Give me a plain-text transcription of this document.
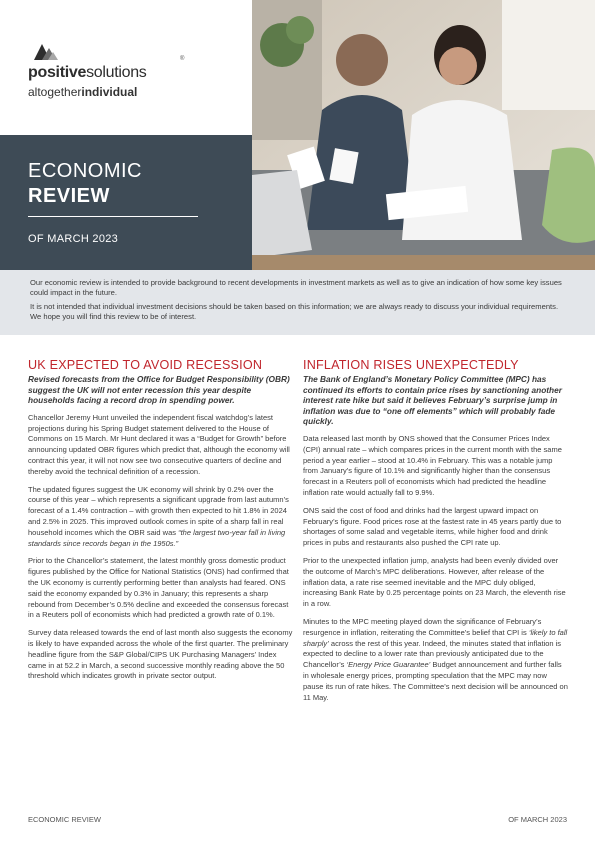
positivesolutions
®
altogetherindividual
ECONOMIC
REVIEW
OF MARCH 2023

Our economic review is intended to provide background to recent developments in investment markets as well as to give an indication of how some key issues could impact in the future.

It is not intended that individual investment decisions should be taken based on this information; we are always ready to discuss your individual requirements. We hope you will find this review to be of interest.

UK EXPECTED TO AVOID RECESSION

Revised forecasts from the Office for Budget Responsibility (OBR) suggest the UK will not enter recession this year despite households facing a record drop in spending power.

Chancellor Jeremy Hunt unveiled the independent fiscal watchdog’s latest projections during his Spring Budget statement delivered to the House of Commons on 15 March. Mr Hunt declared it was a “Budget for Growth” before announcing updated OBR figures which predict that, although the economy will contract this year, it will not now see two consecutive quarters of decline and thereby avoid the technical definition of a recession.

The updated figures suggest the UK economy will shrink by 0.2% over the course of this year – which represents a significant upgrade from last autumn’s forecast of a 1.4% contraction – with growth then expected to hit 1.8% in 2024 and 2.5% in 2025. This improved outlook comes in spite of a sharp fall in real household incomes which the OBR said was “the largest two-year fall in living standards since records began in the 1950s.”

Prior to the Chancellor’s statement, the latest monthly gross domestic product figures published by the Office for National Statistics (ONS) had confirmed that the UK economy is currently performing better than analysts had feared. ONS said the economy expanded by 0.3% in January; this represents a sharp rebound from December’s 0.5% decline and exceeded the consensus forecast in a Reuters poll of economists which had predicted a growth rate of 0.1%.

Survey data released towards the end of last month also suggests the economy is likely to have expanded across the whole of the first quarter. The preliminary headline figure from the S&P Global/CIPS UK Purchasing Managers’ Index came in at 52.2 in March, a second successive monthly reading above the 50 threshold which indicates growth in private sector output.

INFLATION RISES UNEXPECTEDLY

The Bank of England’s Monetary Policy Committee (MPC) has continued its efforts to contain price rises by sanctioning another interest rate hike but said it believes February’s surprise jump in inflation was due to “one off elements” which will probably fade quickly.

Data released last month by ONS showed that the Consumer Prices Index (CPI) annual rate – which compares prices in the current month with the same period a year earlier – stood at 10.4% in February. This was a notable jump from January’s figure of 10.1% and significantly higher than the consensus forecast in a Reuters poll of economists which had predicted the headline inflation rate would actually fall to 9.9%.

ONS said the cost of food and drinks had the largest upward impact on February’s figure. Food prices rose at the fastest rate in 45 years partly due to shortages of some salad and vegetable items, while higher food and drink prices in pubs and restaurants also pushed the CPI rate up.

Prior to the unexpected inflation jump, analysts had been evenly divided over the outcome of March’s MPC deliberations. However, after release of the inflation data, a rate rise seemed inevitable and the MPC duly obliged, increasing Bank Rate by 0.25 percentage points on 23 March, the eleventh rise in a row.

Minutes to the MPC meeting played down the significance of February’s resurgence in inflation, reiterating the Committee’s belief that CPI is ‘likely to fall sharply’ across the rest of this year. Indeed, the minutes stated that inflation is expected to decline to a lower rate than previously anticipated due to the Chancellor’s ‘Energy Price Guarantee’ Budget announcement and further falls in wholesale energy prices, prompting speculation that the MPC may now pause its run of rate hikes. The Committee’s next decision will be announced on 11 May.

ECONOMIC REVIEW	OF MARCH 2023
